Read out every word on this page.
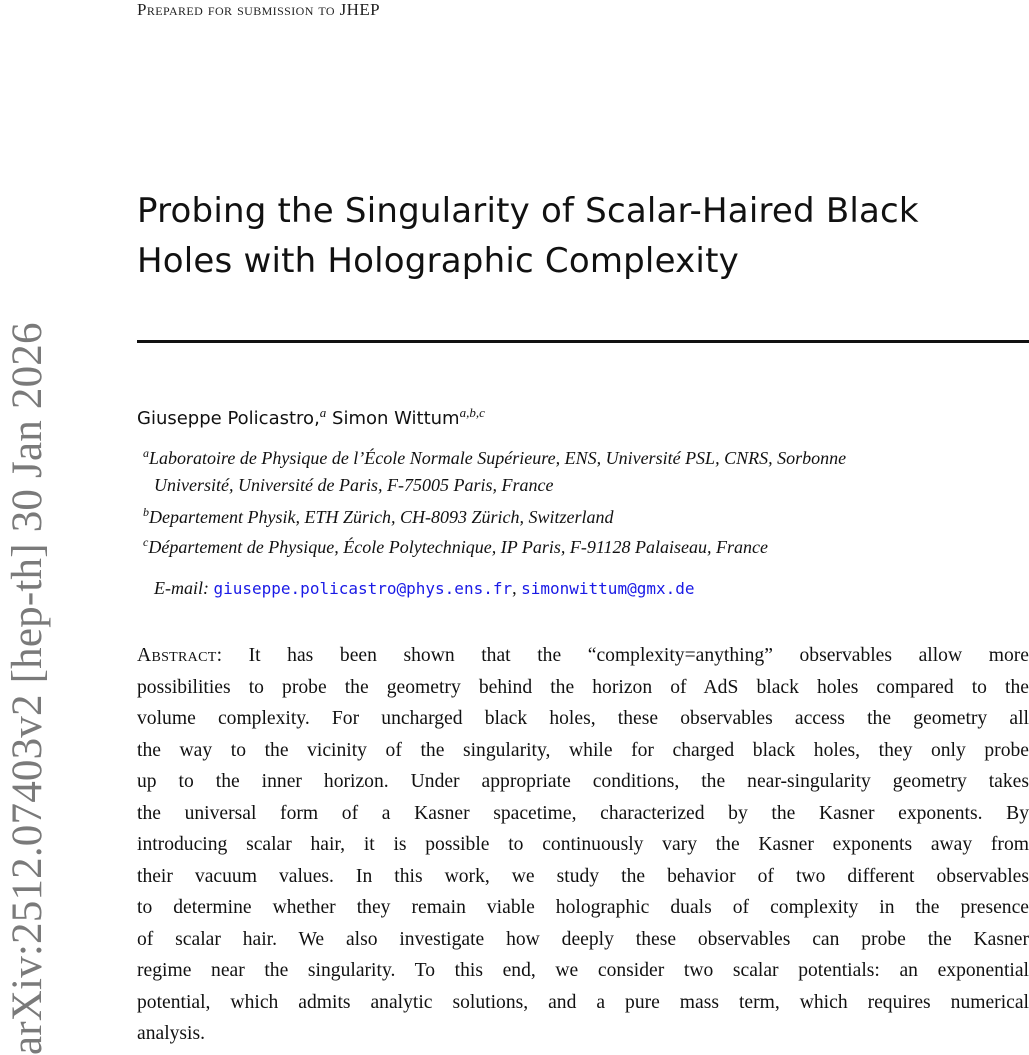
Prepared for submission to JHEP
arXiv:2512.07403v2 [hep-th] 30 Jan 2026
Probing the Singularity of Scalar-Haired Black
Holes with Holographic Complexity
Giuseppe Policastro,$^a$ Simon Wittum$^{a,b,c}$
$^a$Laboratoire de Physique de l’École Normale Supérieure, ENS, Université PSL, CNRS, Sorbonne
Université, Université de Paris, F-75005 Paris, France
$^b$Departement Physik, ETH Zürich, CH-8093 Zürich, Switzerland
$^c$Département de Physique, École Polytechnique, IP Paris, F-91128 Palaiseau, France
E-mail: giuseppe.policastro@phys.ens.fr, simonwittum@gmx.de
Abstract: It has been shown that the “complexity=anything” observables allow more
possibilities to probe the geometry behind the horizon of AdS black holes compared to the
volume complexity. For uncharged black holes, these observables access the geometry all
the way to the vicinity of the singularity, while for charged black holes, they only probe
up to the inner horizon. Under appropriate conditions, the near-singularity geometry takes
the universal form of a Kasner spacetime, characterized by the Kasner exponents. By
introducing scalar hair, it is possible to continuously vary the Kasner exponents away from
their vacuum values. In this work, we study the behavior of two different observables
to determine whether they remain viable holographic duals of complexity in the presence
of scalar hair. We also investigate how deeply these observables can probe the Kasner
regime near the singularity. To this end, we consider two scalar potentials: an exponential
potential, which admits analytic solutions, and a pure mass term, which requires numerical
analysis.
